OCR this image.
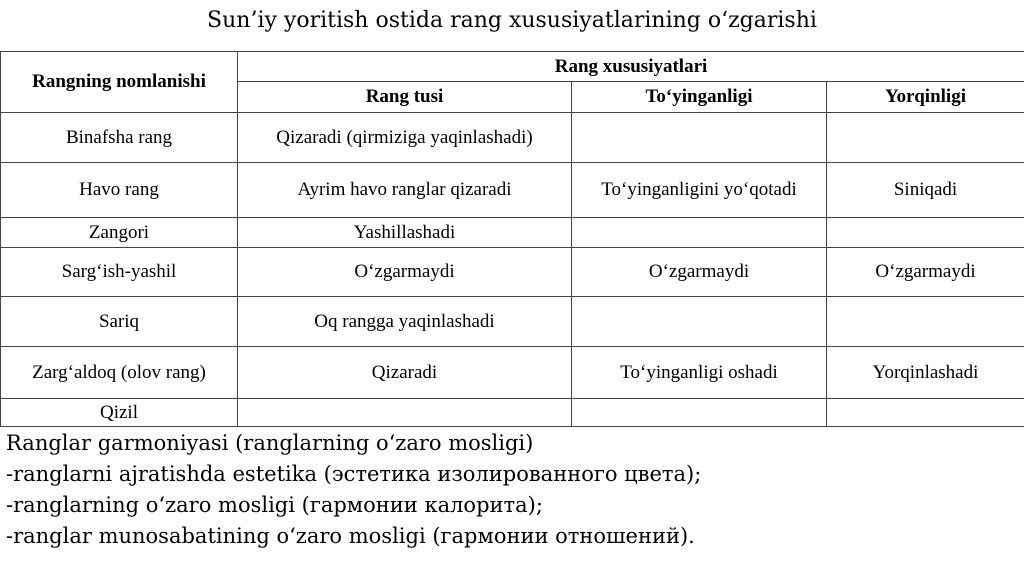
Sun’iy yoritish ostida rang xususiyatlarining o‘zgarishi
Rangning nomlanishi	Rang xususiyatlari		
	Rang tusi	To‘yinganligi	Yorqinligi
Binafsha rang	Qizaradi (qirmiziga yaqinlashadi)		
Havo rang	Ayrim havo ranglar qizaradi	To‘yinganligini yo‘qotadi	Siniqadi
Zangori	Yashillashadi		
Sarg‘ish-yashil	O‘zgarmaydi	O‘zgarmaydi	O‘zgarmaydi
Sariq	Oq rangga yaqinlashadi		
Zarg‘aldoq (olov rang)	Qizaradi	To‘yinganligi oshadi	Yorqinlashadi
Qizil			
Ranglar garmoniyasi (ranglarning o‘zaro mosligi)
-ranglarni ajratishda estetika (эстетика изолированного цвета);
-ranglarning o‘zaro mosligi (гармонии калорита);
-ranglar munosabatining o‘zaro mosligi (гармонии отношений).
